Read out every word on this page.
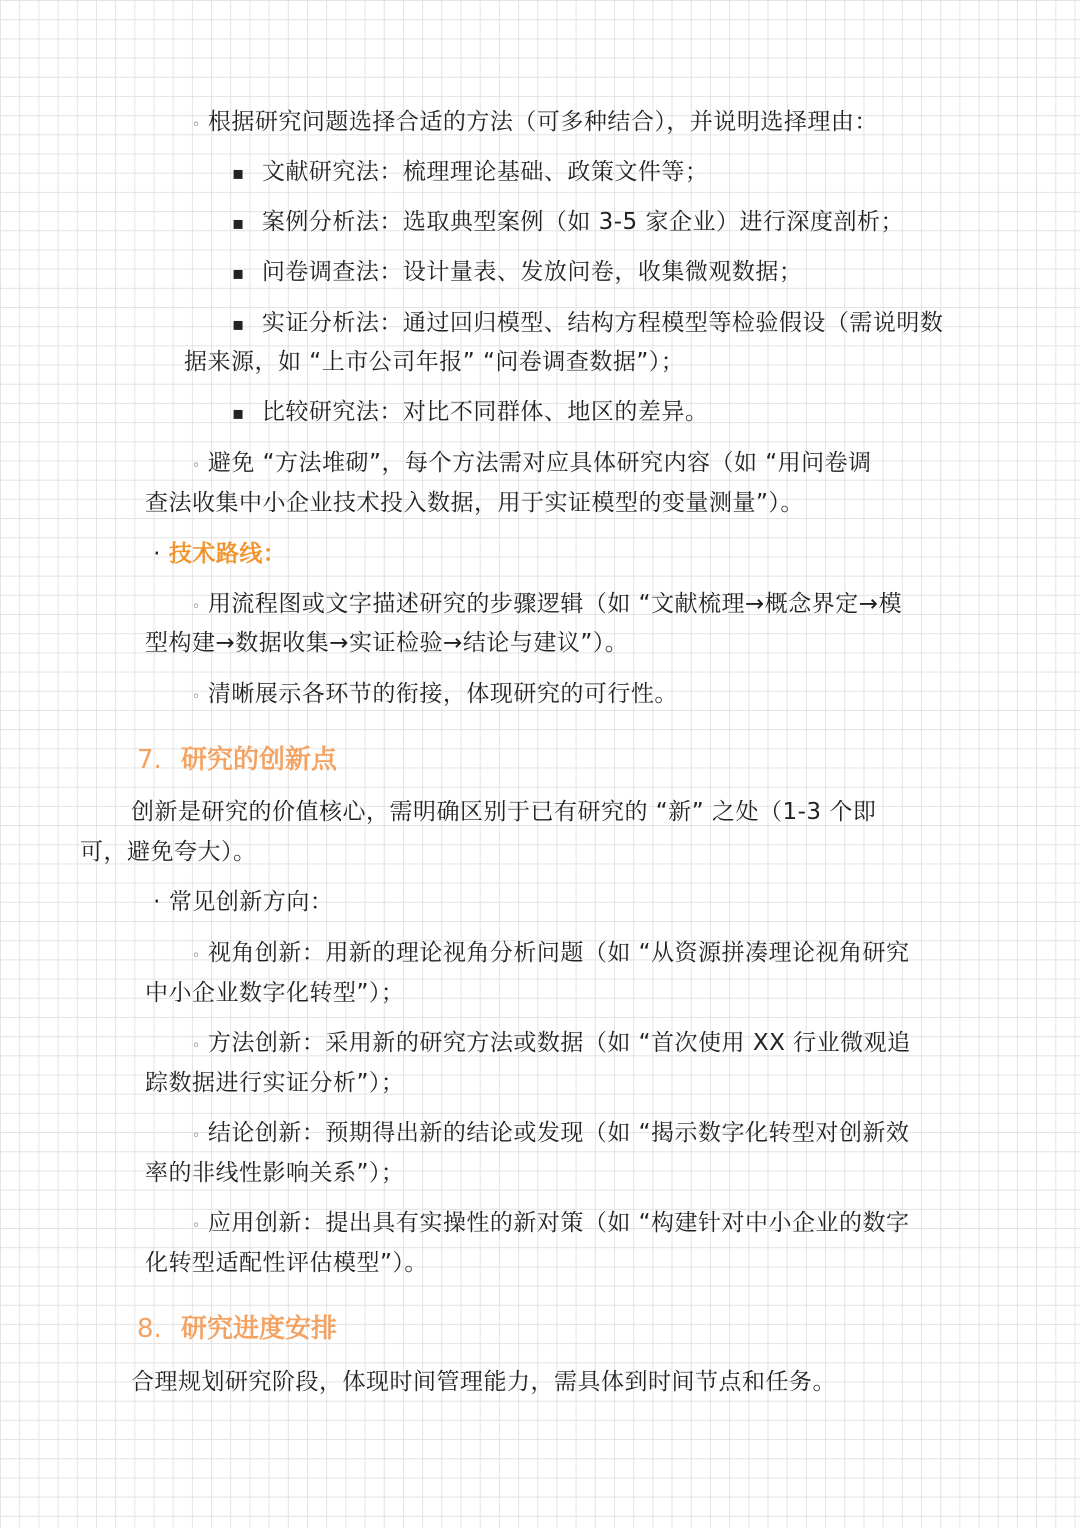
◦ 根据研究问题选择合适的方法（可多种结合），并说明选择理由：
▪ 文献研究法：梳理理论基础、政策文件等；
▪ 案例分析法：选取典型案例（如 3-5 家企业）进行深度剖析；
▪ 问卷调查法：设计量表、发放问卷，收集微观数据；
▪ 实证分析法：通过回归模型、结构方程模型等检验假设（需说明数
据来源，如 “上市公司年报” “问卷调查数据”）；
▪ 比较研究法：对比不同群体、地区的差异。
◦ 避免 “方法堆砌”，每个方法需对应具体研究内容（如 “用问卷调
查法收集中小企业技术投入数据，用于实证模型的变量测量”）。
· 技术路线：
◦ 用流程图或文字描述研究的步骤逻辑（如 “文献梳理→概念界定→模
型构建→数据收集→实证检验→结论与建议”）。
◦ 清晰展示各环节的衔接，体现研究的可行性。
7. 研究的创新点
创新是研究的价值核心，需明确区别于已有研究的 “新” 之处（1-3 个即
可，避免夸大）。
· 常见创新方向：
◦ 视角创新：用新的理论视角分析问题（如 “从资源拼凑理论视角研究
中小企业数字化转型”）；
◦ 方法创新：采用新的研究方法或数据（如 “首次使用 XX 行业微观追
踪数据进行实证分析”）；
◦ 结论创新：预期得出新的结论或发现（如 “揭示数字化转型对创新效
率的非线性影响关系”）；
◦ 应用创新：提出具有实操性的新对策（如 “构建针对中小企业的数字
化转型适配性评估模型”）。
8. 研究进度安排
合理规划研究阶段，体现时间管理能力，需具体到时间节点和任务。
